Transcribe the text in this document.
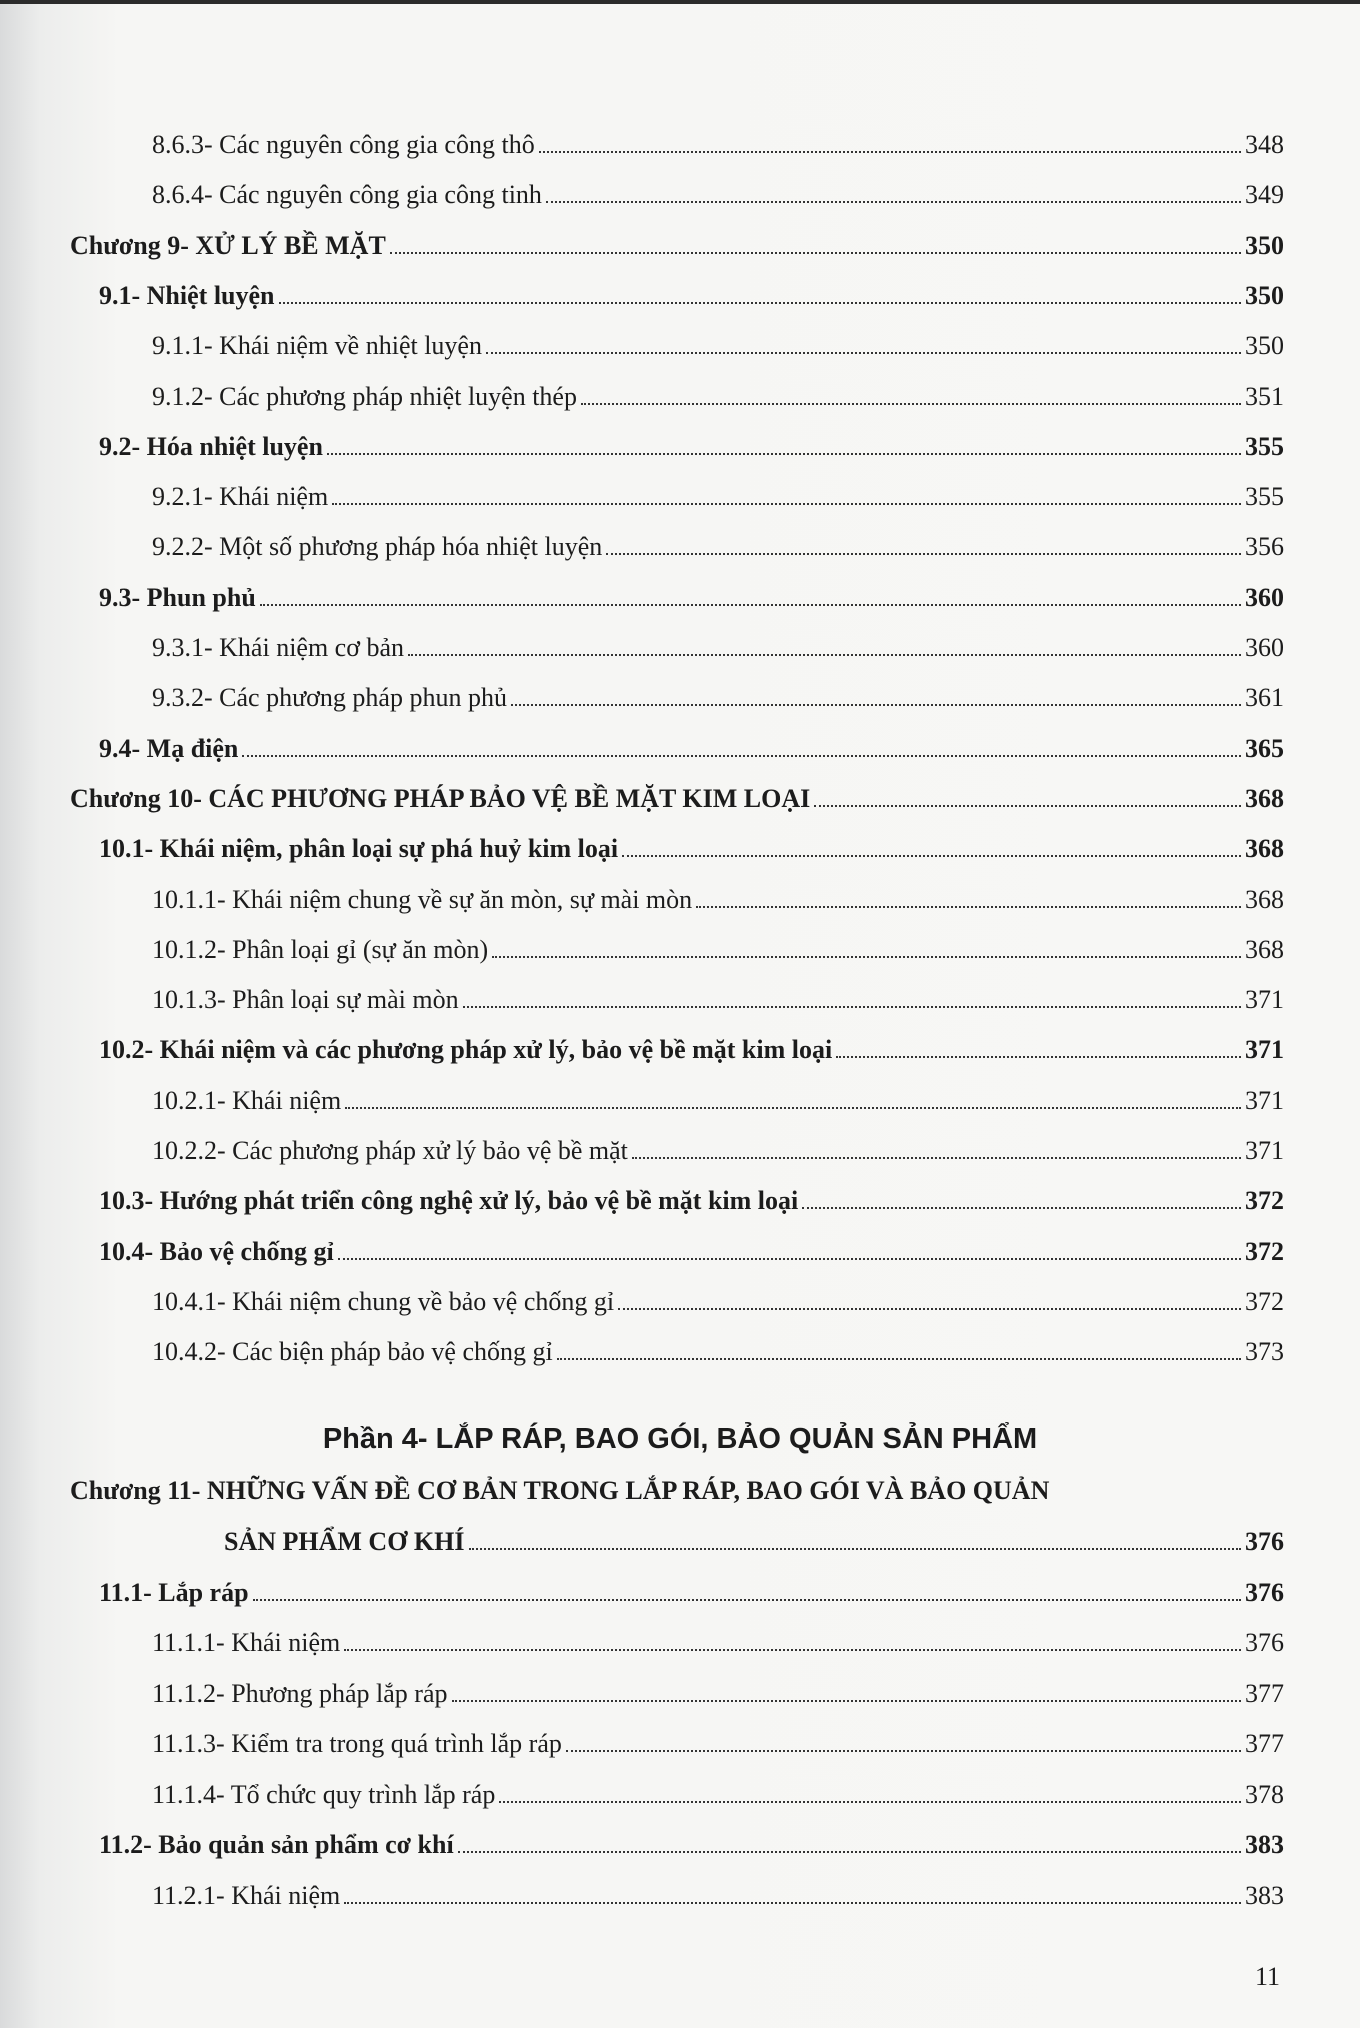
8.6.3- Các nguyên công gia công thô	348
8.6.4- Các nguyên công gia công tinh	349
Chương 9- XỬ LÝ BỀ MẶT	350
9.1- Nhiệt luyện	350
9.1.1- Khái niệm về nhiệt luyện	350
9.1.2- Các phương pháp nhiệt luyện thép	351
9.2- Hóa nhiệt luyện	355
9.2.1- Khái niệm	355
9.2.2- Một số phương pháp hóa nhiệt luyện	356
9.3- Phun phủ	360
9.3.1- Khái niệm cơ bản	360
9.3.2- Các phương pháp phun phủ	361
9.4- Mạ điện	365
Chương 10- CÁC PHƯƠNG PHÁP BẢO VỆ BỀ MẶT KIM LOẠI	368
10.1- Khái niệm, phân loại sự phá huỷ kim loại	368
10.1.1- Khái niệm chung về sự ăn mòn, sự mài mòn	368
10.1.2- Phân loại gỉ (sự ăn mòn)	368
10.1.3- Phân loại sự mài mòn	371
10.2- Khái niệm và các phương pháp xử lý, bảo vệ bề mặt kim loại	371
10.2.1- Khái niệm	371
10.2.2- Các phương pháp xử lý bảo vệ bề mặt	371
10.3- Hướng phát triển công nghệ xử lý, bảo vệ bề mặt kim loại	372
10.4- Bảo vệ chống gỉ	372
10.4.1- Khái niệm chung về bảo vệ chống gỉ	372
10.4.2- Các biện pháp bảo vệ chống gỉ	373
Phần 4- LẮP RÁP, BAO GÓI, BẢO QUẢN SẢN PHẨM
Chương 11- NHỮNG VẤN ĐỀ CƠ BẢN TRONG LẮP RÁP, BAO GÓI VÀ BẢO QUẢN
SẢN PHẨM CƠ KHÍ	376
11.1- Lắp ráp	376
11.1.1- Khái niệm	376
11.1.2- Phương pháp lắp ráp	377
11.1.3- Kiểm tra trong quá trình lắp ráp	377
11.1.4- Tổ chức quy trình lắp ráp	378
11.2- Bảo quản sản phẩm cơ khí	383
11.2.1- Khái niệm	383
11
